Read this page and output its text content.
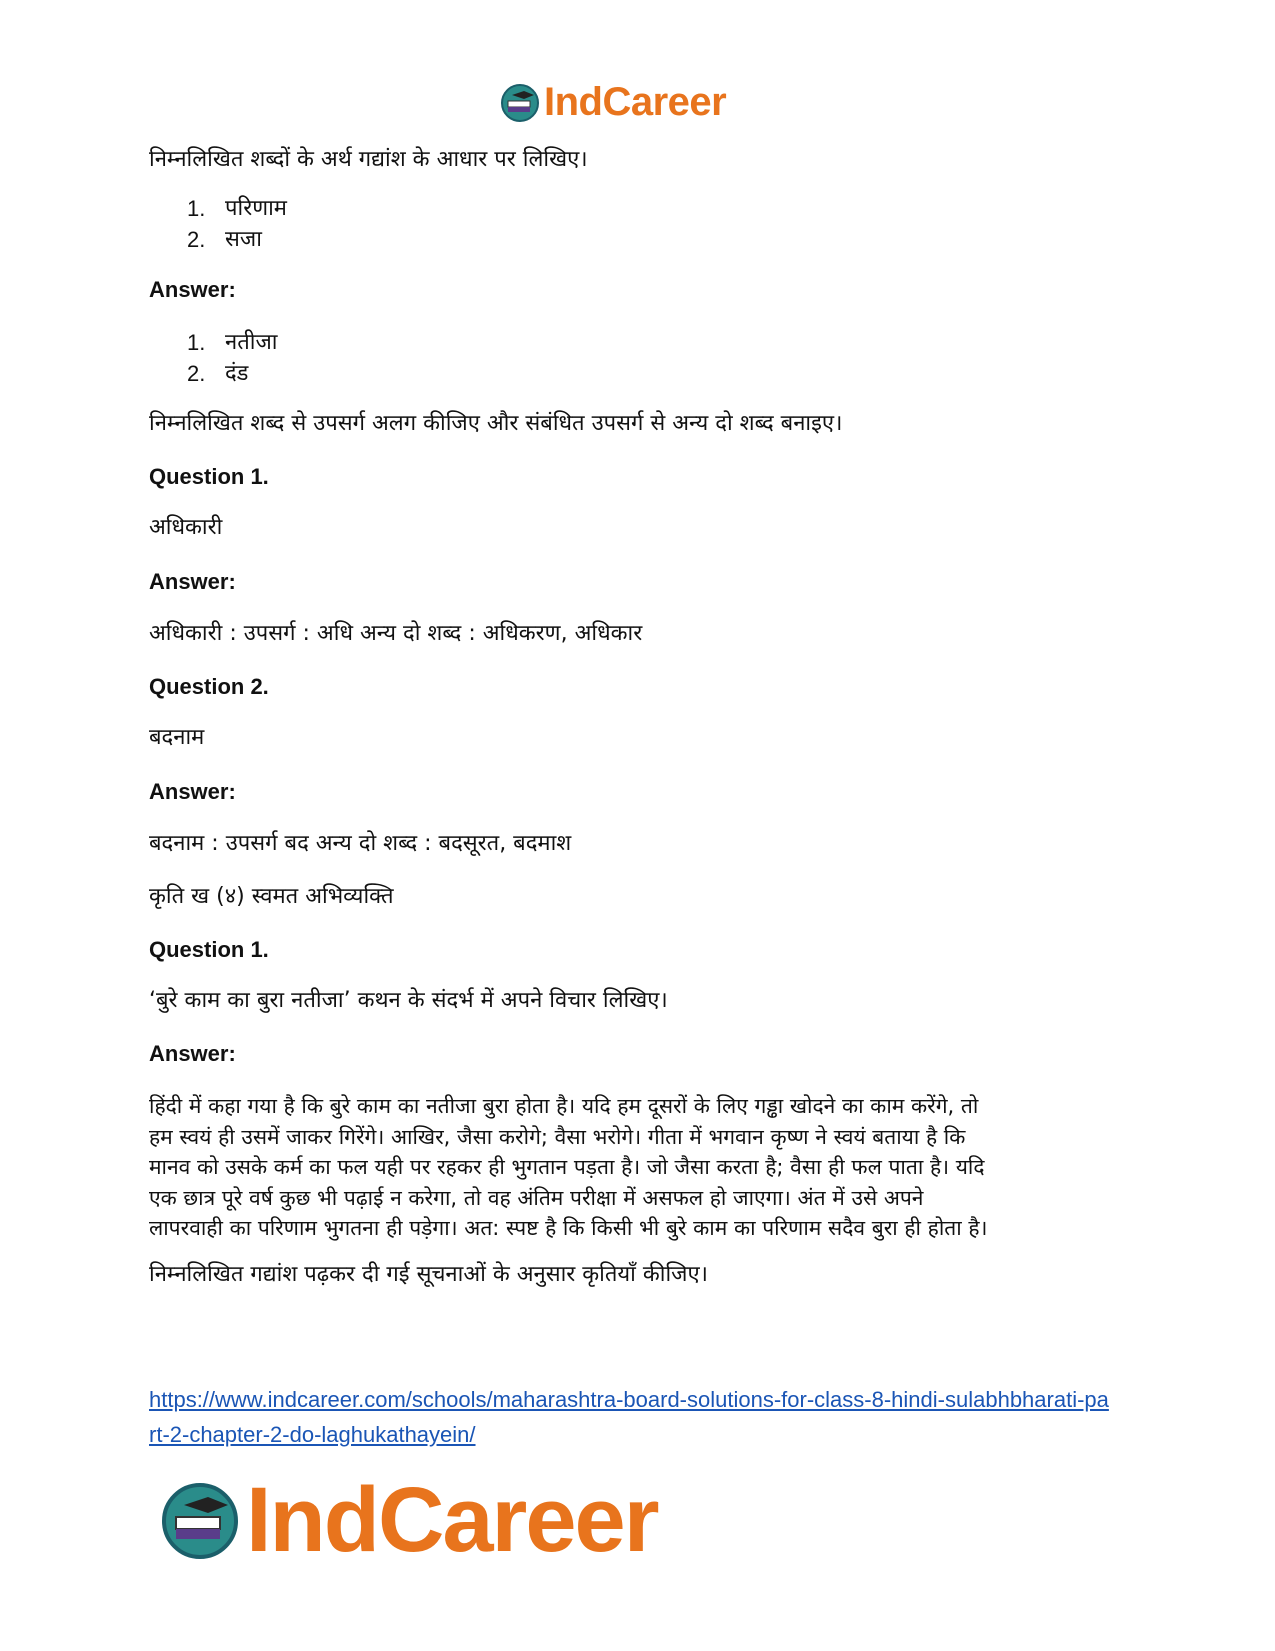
IndCareer

निम्नलिखित शब्दों के अर्थ गद्यांश के आधार पर लिखिए।

1. परिणाम
2. सजा

Answer:

1. नतीजा
2. दंड

निम्नलिखित शब्द से उपसर्ग अलग कीजिए और संबंधित उपसर्ग से अन्य दो शब्द बनाइए।

Question 1.

अधिकारी

Answer:

अधिकारी : उपसर्ग : अधि अन्य दो शब्द : अधिकरण, अधिकार

Question 2.

बदनाम

Answer:

बदनाम : उपसर्ग बद अन्य दो शब्द : बदसूरत, बदमाश

कृति ख (४) स्वमत अभिव्यक्ति

Question 1.

‘बुरे काम का बुरा नतीजा’ कथन के संदर्भ में अपने विचार लिखिए।

Answer:

हिंदी में कहा गया है कि बुरे काम का नतीजा बुरा होता है। यदि हम दूसरों के लिए गड्ढा खोदने का काम करेंगे, तो

हम स्वयं ही उसमें जाकर गिरेंगे। आखिर, जैसा करोगे; वैसा भरोगे। गीता में भगवान कृष्ण ने स्वयं बताया है कि

मानव को उसके कर्म का फल यही पर रहकर ही भुगतान पड़ता है। जो जैसा करता है; वैसा ही फल पाता है। यदि

एक छात्र पूरे वर्ष कुछ भी पढ़ाई न करेगा, तो वह अंतिम परीक्षा में असफल हो जाएगा। अंत में उसे अपने

लापरवाही का परिणाम भुगतना ही पड़ेगा। अत: स्पष्ट है कि किसी भी बुरे काम का परिणाम सदैव बुरा ही होता है।

निम्नलिखित गद्यांश पढ़कर दी गई सूचनाओं के अनुसार कृतियाँ कीजिए।

https://www.indcareer.com/schools/maharashtra-board-solutions-for-class-8-hindi-sulabhbharati-part-2-chapter-2-do-laghukathayein/
IndCareer
